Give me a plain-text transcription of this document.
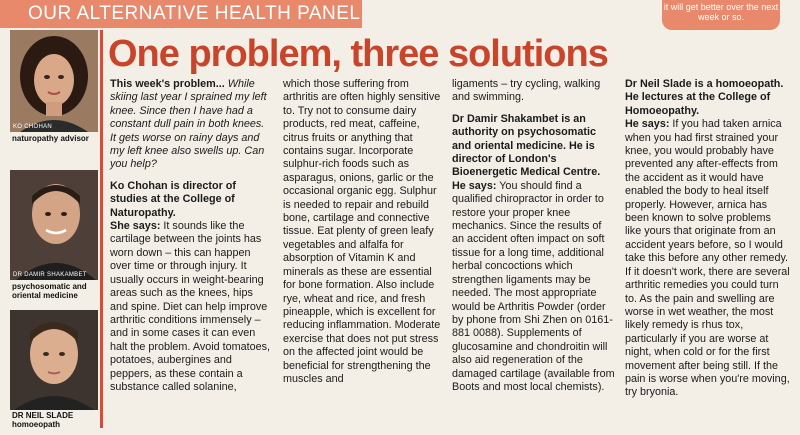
OUR ALTERNATIVE HEALTH PANEL	it will get better over the next week or so.
KO CHOHAN
naturopathy advisor
DR DAMIR SHAKAMBET
psychosomatic and oriental medicine
DR NEIL SLADE
homoeopath
One problem, three solutions

This week's problem... While skiing last year I sprained my left knee. Since then I have had a constant dull pain in both knees. It gets worse on rainy days and my left knee also swells up. Can you help?

Ko Chohan is director of studies at the College of Naturopathy.

She says: It sounds like the cartilage between the joints has worn down – this can happen over time or through injury. It usually occurs in weight-bearing areas such as the knees, hips and spine. Diet can help improve arthritic conditions immensely – and in some cases it can even halt the problem. Avoid tomatoes, potatoes, aubergines and peppers, as these contain a substance called solanine,

which those suffering from arthritis are often highly sensitive to. Try not to consume dairy products, red meat, caffeine, citrus fruits or anything that contains sugar. Incorporate sulphur-rich foods such as asparagus, onions, garlic or the occasional organic egg. Sulphur is needed to repair and rebuild bone, cartilage and connective tissue. Eat plenty of green leafy vegetables and alfalfa for absorption of Vitamin K and minerals as these are essential for bone formation. Also include rye, wheat and rice, and fresh pineapple, which is excellent for reducing inflammation. Moderate exercise that does not put stress on the affected joint would be beneficial for strengthening the muscles and

ligaments – try cycling, walking and swimming.

Dr Damir Shakambet is an authority on psychosomatic and oriental medicine. He is director of London's Bioenergetic Medical Centre.

He says: You should find a qualified chiropractor in order to restore your proper knee mechanics. Since the results of an accident often impact on soft tissue for a long time, additional herbal concoctions which strengthen ligaments may be needed. The most appropriate would be Arthritis Powder (order by phone from Shi Zhen on 0161-881 0088). Supplements of glucosamine and chondroitin will also aid regeneration of the damaged cartilage (available from Boots and most local chemists).

Dr Neil Slade is a homoeopath. He lectures at the College of Homoeopathy.

He says: If you had taken arnica when you had first strained your knee, you would probably have prevented any after-effects from the accident as it would have enabled the body to heal itself properly. However, arnica has been known to solve problems like yours that originate from an accident years before, so I would take this before any other remedy. If it doesn't work, there are several arthritic remedies you could turn to. As the pain and swelling are worse in wet weather, the most likely remedy is rhus tox, particularly if you are worse at night, when cold or for the first movement after being still. If the pain is worse when you're moving, try bryonia.
